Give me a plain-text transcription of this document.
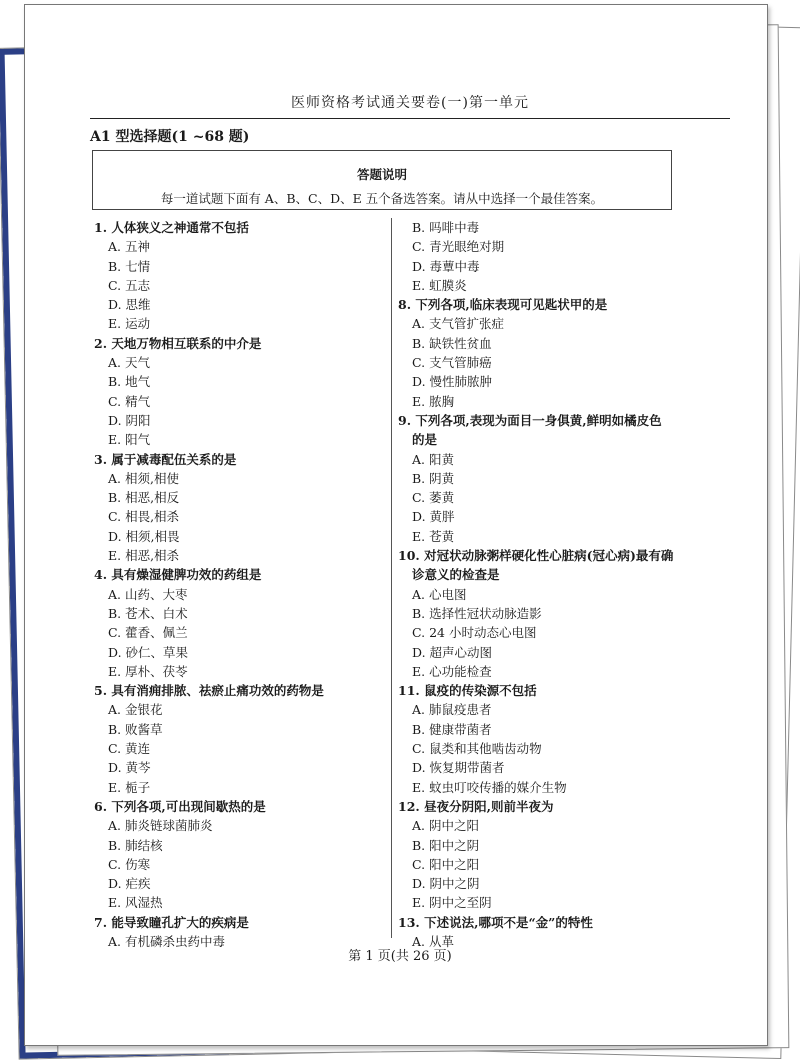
医师资格考试通关要卷(一)第一单元
A1 型选择题(1 ~68 题)
答题说明
每一道试题下面有 A、B、C、D、E 五个备选答案。请从中选择一个最佳答案。
1. 人体狭义之神通常不包括
A. 五神
B. 七情
C. 五志
D. 思维
E. 运动
2. 天地万物相互联系的中介是
A. 天气
B. 地气
C. 精气
D. 阴阳
E. 阳气
3. 属于减毒配伍关系的是
A. 相须,相使
B. 相恶,相反
C. 相畏,相杀
D. 相须,相畏
E. 相恶,相杀
4. 具有燥湿健脾功效的药组是
A. 山药、大枣
B. 苍术、白术
C. 藿香、佩兰
D. 砂仁、草果
E. 厚朴、茯苓
5. 具有消痈排脓、祛瘀止痛功效的药物是
A. 金银花
B. 败酱草
C. 黄连
D. 黄芩
E. 栀子
6. 下列各项,可出现间歇热的是
A. 肺炎链球菌肺炎
B. 肺结核
C. 伤寒
D. 疟疾
E. 风湿热
7. 能导致瞳孔扩大的疾病是
A. 有机磷杀虫药中毒
B. 吗啡中毒
C. 青光眼绝对期
D. 毒蕈中毒
E. 虹膜炎
8. 下列各项,临床表现可见匙状甲的是
A. 支气管扩张症
B. 缺铁性贫血
C. 支气管肺癌
D. 慢性肺脓肿
E. 脓胸
9. 下列各项,表现为面目一身俱黄,鲜明如橘皮色
的是
A. 阳黄
B. 阴黄
C. 萎黄
D. 黄胖
E. 苍黄
10. 对冠状动脉粥样硬化性心脏病(冠心病)最有确
诊意义的检查是
A. 心电图
B. 选择性冠状动脉造影
C. 24 小时动态心电图
D. 超声心动图
E. 心功能检查
11. 鼠疫的传染源不包括
A. 肺鼠疫患者
B. 健康带菌者
C. 鼠类和其他啮齿动物
D. 恢复期带菌者
E. 蚊虫叮咬传播的媒介生物
12. 昼夜分阴阳,则前半夜为
A. 阴中之阳
B. 阳中之阴
C. 阳中之阳
D. 阴中之阴
E. 阴中之至阴
13. 下述说法,哪项不是“金”的特性
A. 从革
第 1 页(共 26 页)
